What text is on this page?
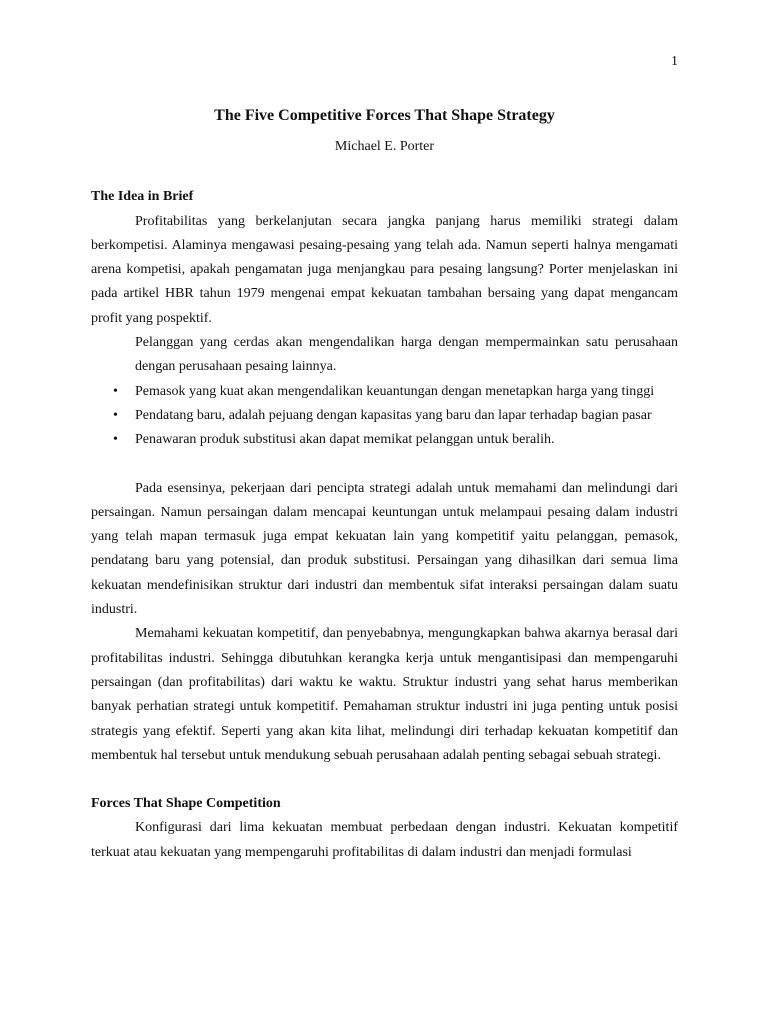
1
The Five Competitive Forces That Shape Strategy

Michael E. Porter

The Idea in Brief

Profitabilitas yang berkelanjutan secara jangka panjang harus memiliki strategi dalam berkompetisi. Alaminya mengawasi pesaing-pesaing yang telah ada. Namun seperti halnya mengamati arena kompetisi, apakah pengamatan juga menjangkau para pesaing langsung? Porter menjelaskan ini pada artikel HBR tahun 1979 mengenai empat kekuatan tambahan bersaing yang dapat mengancam profit yang pospektif.

Pelanggan yang cerdas akan mengendalikan harga dengan mempermainkan satu perusahaan dengan perusahaan pesaing lainnya.

• Pemasok yang kuat akan mengendalikan keuantungan dengan menetapkan harga yang tinggi
• Pendatang baru, adalah pejuang dengan kapasitas yang baru dan lapar terhadap bagian pasar
• Penawaran produk substitusi akan dapat memikat pelanggan untuk beralih.

Pada esensinya, pekerjaan dari pencipta strategi adalah untuk memahami dan melindungi dari persaingan. Namun persaingan dalam mencapai keuntungan untuk melampaui pesaing dalam industri yang telah mapan termasuk juga empat kekuatan lain yang kompetitif yaitu pelanggan, pemasok, pendatang baru yang potensial, dan produk substitusi. Persaingan yang dihasilkan dari semua lima kekuatan mendefinisikan struktur dari industri dan membentuk sifat interaksi persaingan dalam suatu industri.

Memahami kekuatan kompetitif, dan penyebabnya, mengungkapkan bahwa akarnya berasal dari profitabilitas industri. Sehingga dibutuhkan kerangka kerja untuk mengantisipasi dan mempengaruhi persaingan (dan profitabilitas) dari waktu ke waktu. Struktur industri yang sehat harus memberikan banyak perhatian strategi untuk kompetitif. Pemahaman struktur industri ini juga penting untuk posisi strategis yang efektif. Seperti yang akan kita lihat, melindungi diri terhadap kekuatan kompetitif dan membentuk hal tersebut untuk mendukung sebuah perusahaan adalah penting sebagai sebuah strategi.

Forces That Shape Competition

Konfigurasi dari lima kekuatan membuat perbedaan dengan industri. Kekuatan kompetitif terkuat atau kekuatan yang mempengaruhi profitabilitas di dalam industri dan menjadi formulasi
